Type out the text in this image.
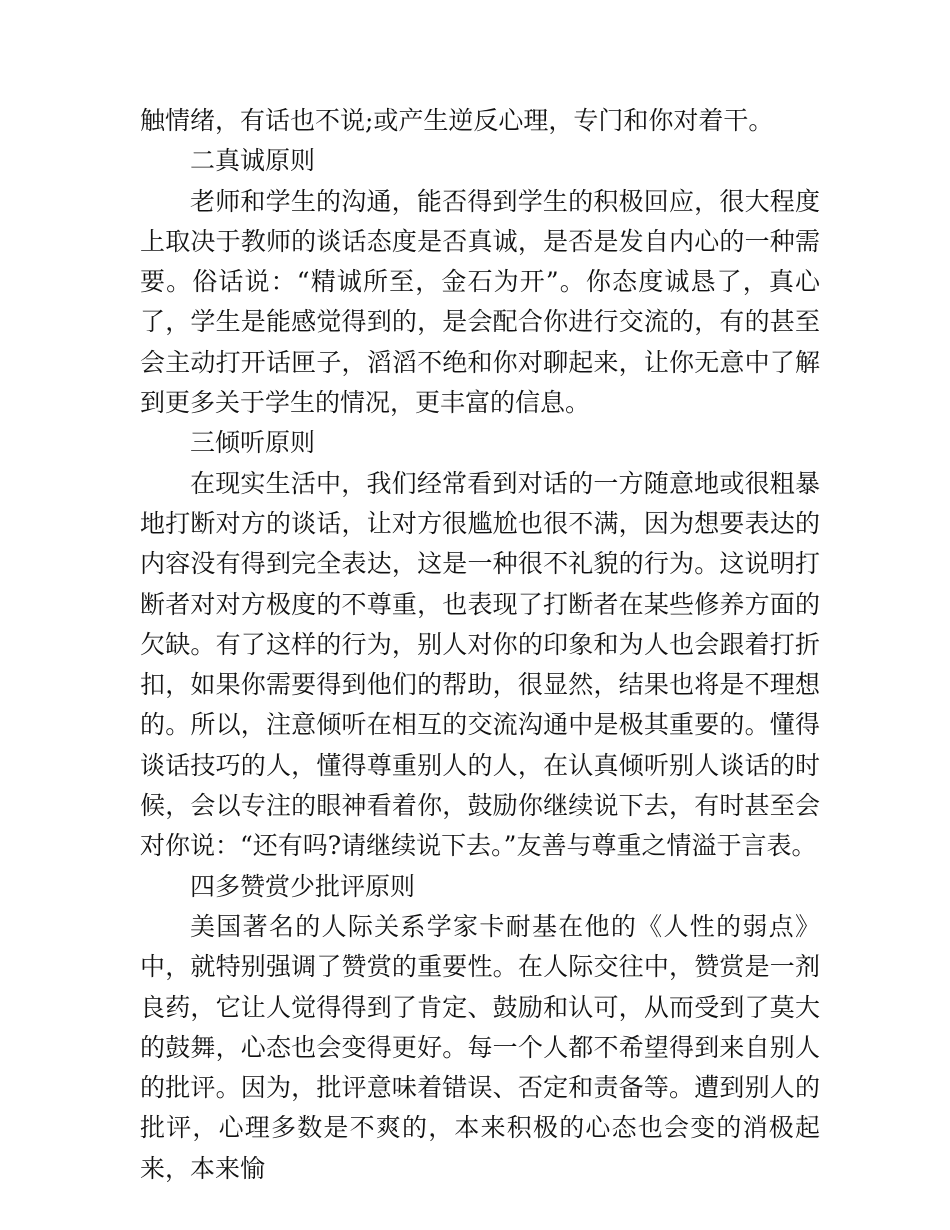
触情绪，有话也不说;或产生逆反心理，专门和你对着干。

二真诚原则

老师和学生的沟通，能否得到学生的积极回应，很大程度上取决于教师的谈话态度是否真诚，是否是发自内心的一种需要。俗话说：“精诚所至，金石为开”。你态度诚恳了，真心了，学生是能感觉得到的，是会配合你进行交流的，有的甚至会主动打开话匣子，滔滔不绝和你对聊起来，让你无意中了解到更多关于学生的情况，更丰富的信息。

三倾听原则

在现实生活中，我们经常看到对话的一方随意地或很粗暴地打断对方的谈话，让对方很尴尬也很不满，因为想要表达的内容没有得到完全表达，这是一种很不礼貌的行为。这说明打断者对对方极度的不尊重，也表现了打断者在某些修养方面的欠缺。有了这样的行为，别人对你的印象和为人也会跟着打折扣，如果你需要得到他们的帮助，很显然，结果也将是不理想的。所以，注意倾听在相互的交流沟通中是极其重要的。懂得谈话技巧的人，懂得尊重别人的人，在认真倾听别人谈话的时候，会以专注的眼神看着你，鼓励你继续说下去，有时甚至会对你说：“还有吗?请继续说下去。”友善与尊重之情溢于言表。

四多赞赏少批评原则

美国著名的人际关系学家卡耐基在他的《人性的弱点》中，就特别强调了赞赏的重要性。在人际交往中，赞赏是一剂良药，它让人觉得得到了肯定、鼓励和认可，从而受到了莫大的鼓舞，心态也会变得更好。每一个人都不希望得到来自别人的批评。因为，批评意味着错误、否定和责备等。遭到别人的批评，心理多数是不爽的，本来积极的心态也会变的消极起来，本来愉
